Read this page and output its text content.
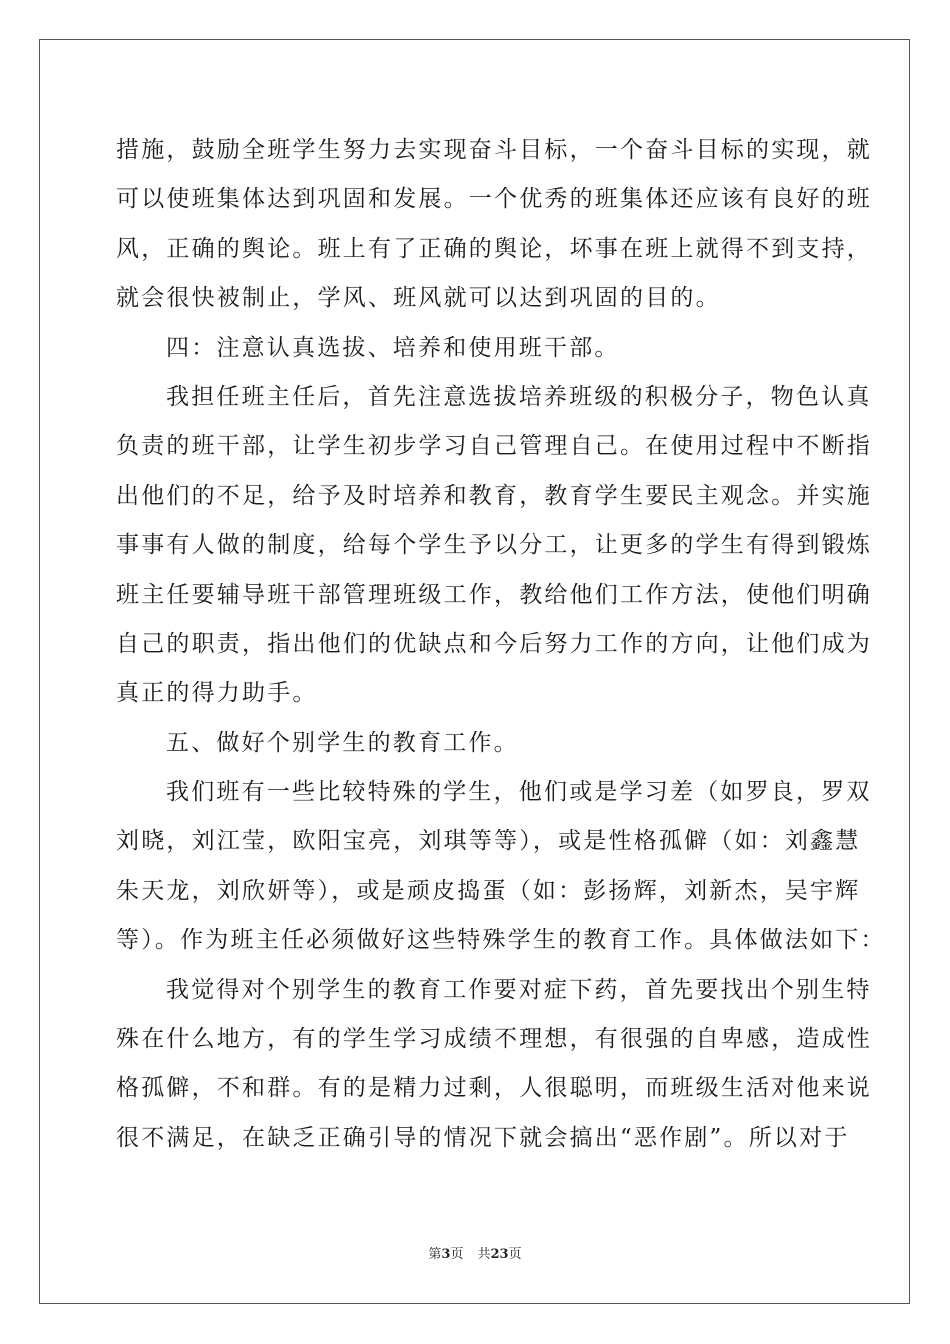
措施，鼓励全班学生努力去实现奋斗目标，一个奋斗目标的实现，就
可以使班集体达到巩固和发展。一个优秀的班集体还应该有良好的班
风，正确的舆论。班上有了正确的舆论，坏事在班上就得不到支持，
就会很快被制止，学风、班风就可以达到巩固的目的。
四：注意认真选拔、培养和使用班干部。
我担任班主任后，首先注意选拔培养班级的积极分子，物色认真
负责的班干部，让学生初步学习自己管理自己。在使用过程中不断指
出他们的不足，给予及时培养和教育，教育学生要民主观念。并实施
事事有人做的制度，给每个学生予以分工，让更多的学生有得到锻炼
班主任要辅导班干部管理班级工作，教给他们工作方法，使他们明确
自己的职责，指出他们的优缺点和今后努力工作的方向，让他们成为
真正的得力助手。
五、做好个别学生的教育工作。
我们班有一些比较特殊的学生，他们或是学习差（如罗良，罗双
刘晓，刘江莹，欧阳宝亮，刘琪等等），或是性格孤僻（如：刘鑫慧
朱天龙，刘欣妍等），或是顽皮捣蛋（如：彭扬辉，刘新杰，吴宇辉
等）。作为班主任必须做好这些特殊学生的教育工作。具体做法如下：
我觉得对个别学生的教育工作要对症下药，首先要找出个别生特
殊在什么地方，有的学生学习成绩不理想，有很强的自卑感，造成性
格孤僻，不和群。有的是精力过剩，人很聪明，而班级生活对他来说
很不满足，在缺乏正确引导的情况下就会搞出“恶作剧”。所以对于
第3页 共23页
